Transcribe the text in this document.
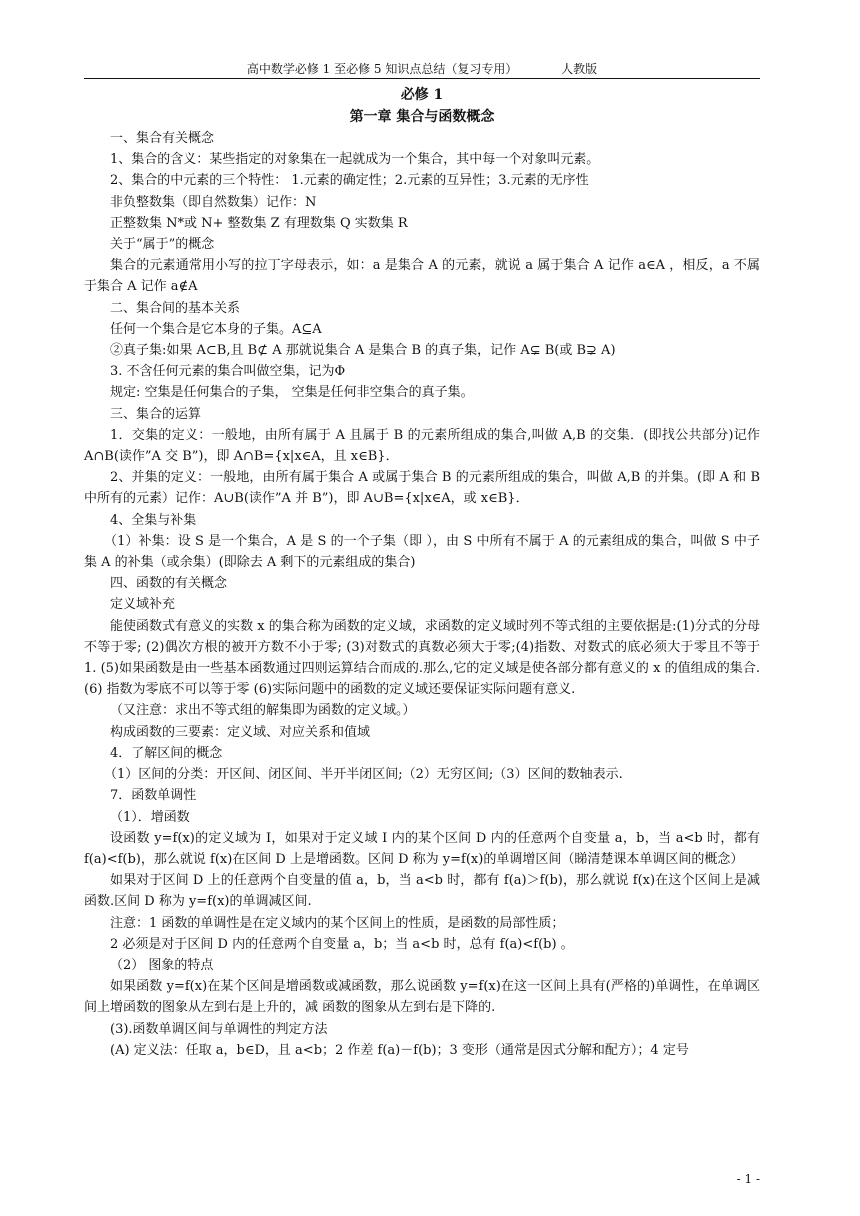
高中数学必修 1 至必修 5 知识点总结（复习专用）	人教版
必修 1
第一章 集合与函数概念

一、集合有关概念

1、集合的含义：某些指定的对象集在一起就成为一个集合，其中每一个对象叫元素。

2、集合的中元素的三个特性： 1.元素的确定性；2.元素的互异性；3.元素的无序性

非负整数集（即自然数集）记作：N

正整数集 N*或 N+ 整数集 Z 有理数集 Q 实数集 R

关于“属于”的概念

集合的元素通常用小写的拉丁字母表示，如：a 是集合 A 的元素，就说 a 属于集合 A 记作 a∈A ，相反，a 不属于集合 A 记作 a∉A

二、集合间的基本关系

任何一个集合是它本身的子集。A⊆A

②真子集:如果 A⊂B,且 B⊄ A 那就说集合 A 是集合 B 的真子集，记作 A⊊ B(或 B⊋ A)

3. 不含任何元素的集合叫做空集，记为Φ

规定: 空集是任何集合的子集， 空集是任何非空集合的真子集。

三、集合的运算

1．交集的定义：一般地，由所有属于 A 且属于 B 的元素所组成的集合,叫做 A,B 的交集．(即找公共部分)记作 A∩B(读作”A 交 B”)，即 A∩B={x|x∈A，且 x∈B}．

2、并集的定义：一般地，由所有属于集合 A 或属于集合 B 的元素所组成的集合，叫做 A,B 的并集。(即 A 和 B 中所有的元素）记作：A∪B(读作”A 并 B”)，即 A∪B={x|x∈A，或 x∈B}．

4、全集与补集

（1）补集：设 S 是一个集合，A 是 S 的一个子集（即 ），由 S 中所有不属于 A 的元素组成的集合，叫做 S 中子集 A 的补集（或余集）(即除去 A 剩下的元素组成的集合)

四、函数的有关概念

定义域补充

能使函数式有意义的实数 x 的集合称为函数的定义域，求函数的定义域时列不等式组的主要依据是:(1)分式的分母不等于零; (2)偶次方根的被开方数不小于零; (3)对数式的真数必须大于零;(4)指数、对数式的底必须大于零且不等于 1. (5)如果函数是由一些基本函数通过四则运算结合而成的.那么,它的定义域是使各部分都有意义的 x 的值组成的集合.(6) 指数为零底不可以等于零 (6)实际问题中的函数的定义域还要保证实际问题有意义.

（又注意：求出不等式组的解集即为函数的定义域。）

构成函数的三要素：定义域、对应关系和值域

4．了解区间的概念

（1）区间的分类：开区间、闭区间、半开半闭区间;（2）无穷区间;（3）区间的数轴表示.

7．函数单调性

（1）．增函数

设函数 y=f(x)的定义域为 I，如果对于定义域 I 内的某个区间 D 内的任意两个自变量 a，b，当 a<b 时，都有 f(a)<f(b)，那么就说 f(x)在区间 D 上是增函数。区间 D 称为 y=f(x)的单调增区间（睇清楚课本单调区间的概念）

如果对于区间 D 上的任意两个自变量的值 a，b，当 a<b 时，都有 f(a)＞f(b)，那么就说 f(x)在这个区间上是减函数.区间 D 称为 y=f(x)的单调减区间.

注意：1 函数的单调性是在定义域内的某个区间上的性质，是函数的局部性质；

2 必须是对于区间 D 内的任意两个自变量 a，b；当 a<b 时，总有 f(a)<f(b) 。

（2） 图象的特点

如果函数 y=f(x)在某个区间是增函数或减函数，那么说函数 y=f(x)在这一区间上具有(严格的)单调性，在单调区间上增函数的图象从左到右是上升的，减 函数的图象从左到右是下降的.

(3).函数单调区间与单调性的判定方法

(A) 定义法：任取 a，b∈D，且 a<b；2 作差 f(a)－f(b)；3 变形（通常是因式分解和配方）；4 定号

- 1 -
